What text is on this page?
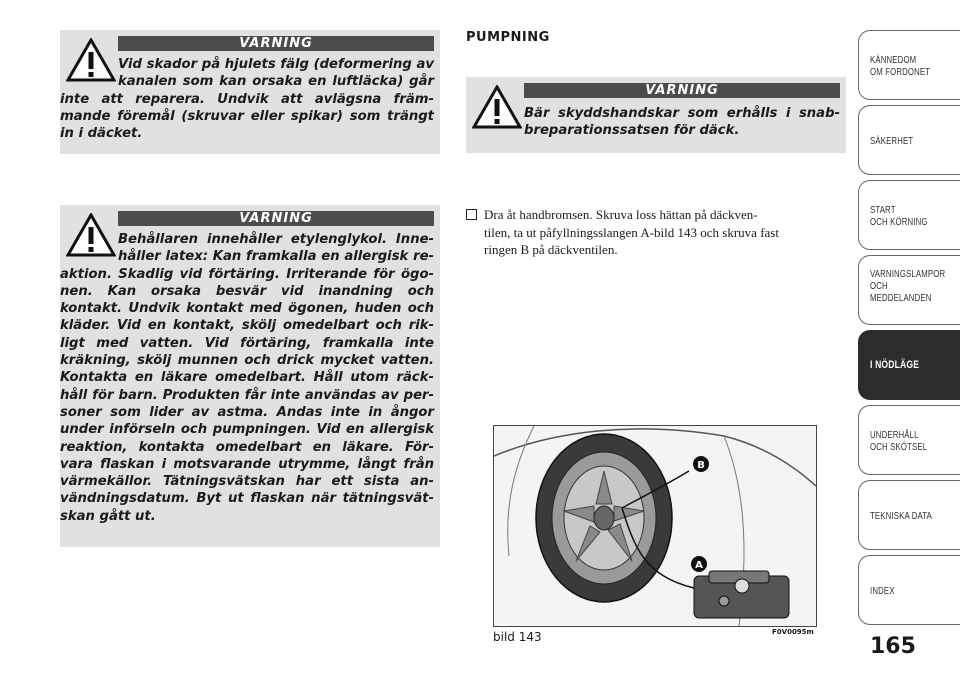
VARNING
Vid skador på hjulets fälg (deformering av
kanalen som kan orsaka en luftläcka) går
inte att reparera. Undvik att avlägsna främ-
mande föremål (skruvar eller spikar) som trängt
in i däcket.
VARNING
Behållaren innehåller etylenglykol. Inne-
håller latex: Kan framkalla en allergisk re-
aktion. Skadlig vid förtäring. Irriterande för ögo-
nen. Kan orsaka besvär vid inandning och
kontakt. Undvik kontakt med ögonen, huden och
kläder. Vid en kontakt, skölj omedelbart och rik-
ligt med vatten. Vid förtäring, framkalla inte
kräkning, skölj munnen och drick mycket vatten.
Kontakta en läkare omedelbart. Håll utom räck-
håll för barn. Produkten får inte användas av per-
soner som lider av astma. Andas inte in ångor
under införseln och pumpningen. Vid en allergisk
reaktion, kontakta omedelbart en läkare. För-
vara flaskan i motsvarande utrymme, långt från
värmekällor. Tätningsvätskan har ett sista an-
vändningsdatum. Byt ut flaskan när tätningsvät-
skan gått ut.
PUMPNING
VARNING
Bär skyddshandskar som erhålls i snab-
breparationssatsen för däck.
Dra åt handbromsen. Skruva loss hättan på däckven-
tilen, ta ut påfyllningsslangen A-bild 143 och skruva fast
ringen B på däckventilen.
B
A
bild 143	F0V0095m
165
KÄNNEDOM
OM FORDONET
SÄKERHET
START
OCH KÖRNING
VARNINGSLAMPOR
OCH
MEDDELANDEN
I NÖDLÄGE
UNDERHÅLL
OCH SKÖTSEL
TEKNISKA DATA
INDEX
